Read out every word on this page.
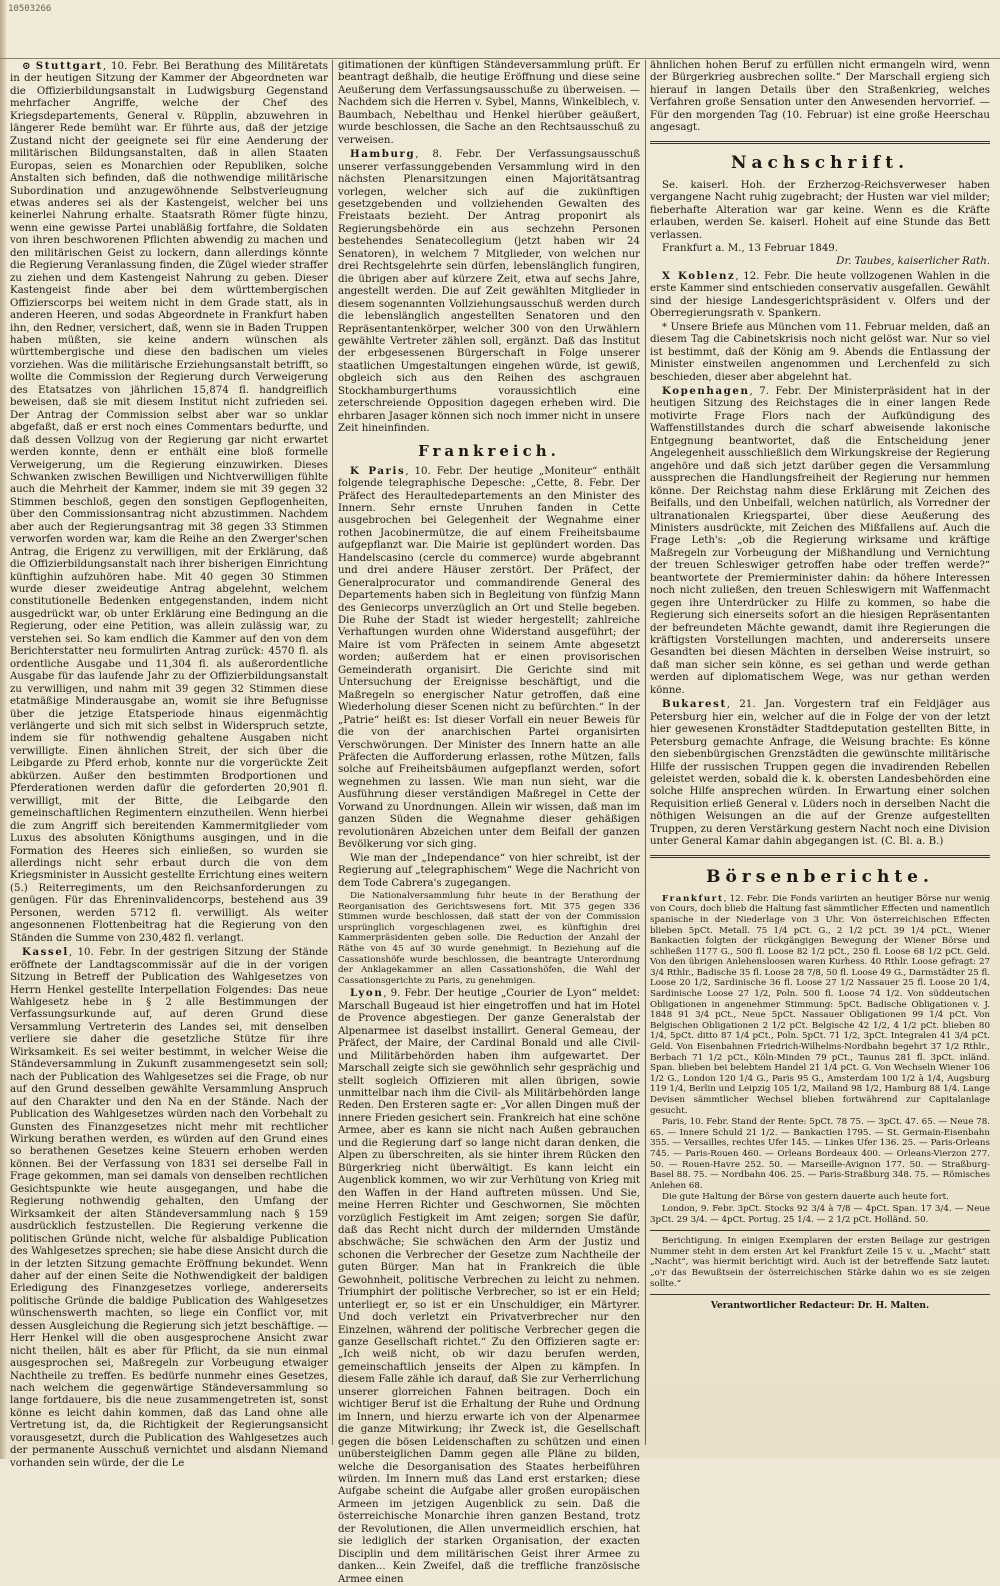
10503266

⊙ Stuttgart, 10. Febr. Bei Berathung des Militäretats in der heutigen Sitzung der Kammer der Abgeordneten war die Offizierbildungsanstalt in Ludwigsburg Gegenstand mehrfacher Angriffe, welche der Chef des Kriegsdepartements, General v. Rüpplin, abzuwehren in längerer Rede bemüht war. Er führte aus, daß der jetzige Zustand nicht der geeignete sei für eine Aenderung der militärischen Bildungsanstalten, daß in allen Staaten Europas, seien es Monarchien oder Republiken, solche Anstalten sich befinden, daß die nothwendige militärische Subordination und anzugewöhnende Selbstverleugnung etwas anderes sei als der Kastengeist, welcher bei uns keinerlei Nahrung erhalte. Staatsrath Römer fügte hinzu, wenn eine gewisse Partei unabläßig fortfahre, die Soldaten von ihren beschworenen Pflichten abwendig zu machen und den militärischen Geist zu lockern, dann allerdings könnte die Regierung Veranlassung finden, die Zügel wieder straffer zu ziehen und dem Kastengeist Nahrung zu geben. Dieser Kastengeist finde aber bei dem württembergischen Offizierscorps bei weitem nicht in dem Grade statt, als in anderen Heeren, und sodas Abgeordnete in Frankfurt haben ihn, den Redner, versichert, daß, wenn sie in Baden Truppen haben müßten, sie keine andern wünschen als württembergische und diese den badischen um vieles vorziehen. Was die militärische Erziehungsanstalt betrifft, so wollte die Commission der Regierung durch Verweigerung des Etatsatzes von jährlichen 15,874 fl. handgreiflich beweisen, daß sie mit diesem Institut nicht zufrieden sei. Der Antrag der Commission selbst aber war so unklar abgefaßt, daß er erst noch eines Commentars bedurfte, und daß dessen Vollzug von der Regierung gar nicht erwartet werden konnte, denn er enthält eine bloß formelle Verweigerung, um die Regierung einzuwirken. Dieses Schwanken zwischen Bewilligen und Nichtverwilligen fühlte auch die Mehrheit der Kammer, indem sie mit 39 gegen 32 Stimmen beschloß, gegen den sonstigen Gepflogenheiten, über den Commissionsantrag nicht abzustimmen. Nachdem aber auch der Regierungsantrag mit 38 gegen 33 Stimmen verworfen worden war, kam die Reihe an den Zwerger'schen Antrag, die Erigenz zu verwilligen, mit der Erklärung, daß die Offizierbildungsanstalt nach ihrer bisherigen Einrichtung künftighin aufzuhören habe. Mit 40 gegen 30 Stimmen wurde dieser zweideutige Antrag abgelehnt, welchem constitutionelle Bedenken entgegenstanden, indem nicht ausgedrückt war, ob unter Erklärung eine Bedingung an die Regierung, oder eine Petition, was allein zulässig war, zu verstehen sei. So kam endlich die Kammer auf den von dem Berichterstatter neu formulirten Antrag zurück: 4570 fl. als ordentliche Ausgabe und 11,304 fl. als außerordentliche Ausgabe für das laufende Jahr zu der Offizierbildungsanstalt zu verwilligen, und nahm mit 39 gegen 32 Stimmen diese etatmäßige Minderausgabe an, womit sie ihre Befugnisse über die jetzige Etatsperiode hinaus eigenmächtig verlängerte und sich mit sich selbst in Widerspruch setzte, indem sie für nothwendig gehaltene Ausgaben nicht verwilligte. Einen ähnlichen Streit, der sich über die Leibgarde zu Pferd erhob, konnte nur die vorgerückte Zeit abkürzen. Außer den bestimmten Brodportionen und Pferderationen werden dafür die geforderten 20,901 fl. verwilligt, mit der Bitte, die Leibgarde den gemeinschaftlichen Regimentern einzutheilen. Wenn hierbei die zum Angriff sich bereitenden Kammermitglieder vom Luxus des absoluten Königthums ausgingen, und in die Formation des Heeres sich einließen, so wurden sie allerdings nicht sehr erbaut durch die von dem Kriegsminister in Aussicht gestellte Errichtung eines weitern (5.) Reiterregiments, um den Reichsanforderungen zu genügen. Für das Ehreninvalidencorps, bestehend aus 39 Personen, werden 5712 fl. verwilligt. Als weiter angesonnenen Flottenbeitrag hat die Regierung von den Ständen die Summe von 230,482 fl. verlangt.

Kassel, 10. Febr. In der gestrigen Sitzung der Stände eröffnete der Landtagscommissär auf die in der vorigen Sitzung in Betreff der Publication des Wahlgesetzes von Herrn Henkel gestellte Interpellation Folgendes: Das neue Wahlgesetz hebe in § 2 alle Bestimmungen der Verfassungsurkunde auf, auf deren Grund diese Versammlung Vertreterin des Landes sei, mit denselben verliere sie daher die gesetzliche Stütze für ihre Wirksamkeit. Es sei weiter bestimmt, in welcher Weise die Ständeversammlung in Zukunft zusammengesetzt sein soll; nach der Publication des Wahlgesetzes sei die Frage, ob nur auf den Grund desselben gewählte Versammlung Anspruch auf den Charakter und den Na en der Stände. Nach der Publication des Wahlgesetzes würden nach den Vorbehalt zu Gunsten des Finanzgesetzes nicht mehr mit rechtlicher Wirkung berathen werden, es würden auf den Grund eines so berathenen Gesetzes keine Steuern erhoben werden können. Bei der Verfassung von 1831 sei derselbe Fall in Frage gekommen, man sei damals von denselben rechtlichen Gesichtspunkte wie heute ausgegangen, und habe die Regierung nothwendig gehalten, den Umfang der Wirksamkeit der alten Ständeversammlung nach § 159 ausdrücklich festzustellen. Die Regierung verkenne die politischen Gründe nicht, welche für alsbaldige Publication des Wahlgesetzes sprechen; sie habe diese Ansicht durch die in der letzten Sitzung gemachte Eröffnung bekundet. Wenn daher auf der einen Seite die Nothwendigkeit der baldigen Erledigung des Finanzgesetzes vorliege, andererseits politische Gründe die baldige Publication des Wahlgesetzes wünschenswerth machten, so liege ein Conflict vor, mit dessen Ausgleichung die Regierung sich jetzt beschäftige. — Herr Henkel will die oben ausgesprochene Ansicht zwar nicht theilen, hält es aber für Pflicht, da sie nun einmal ausgesprochen sei, Maßregeln zur Vorbeugung etwaiger Nachtheile zu treffen. Es bedürfe nunmehr eines Gesetzes, nach welchem die gegenwärtige Ständeversammlung so lange fortdauere, bis die neue zusammengetreten ist, sonst könne es leicht dahin kommen, daß das Land ohne alle Vertretung ist, da, die Richtigkeit der Regierungsansicht vorausgesetzt, durch die Publication des Wahlgesetzes auch der permanente Ausschuß vernichtet und alsdann Niemand vorhanden sein würde, der die Le

gitimationen der künftigen Ständeversammlung prüft. Er beantragt deßhalb, die heutige Eröffnung und diese seine Aeußerung dem Verfassungsausschuße zu überweisen. — Nachdem sich die Herren v. Sybel, Manns, Winkelblech, v. Baumbach, Nebelthau und Henkel hierüber geäußert, wurde beschlossen, die Sache an den Rechtsausschuß zu verweisen.

Hamburg, 8. Febr. Der Verfassungsausschuß unserer verfassunggebenden Versammlung wird in den nächsten Plenarsitzungen einen Majoritätsantrag vorlegen, welcher sich auf die zukünftigen gesetzgebenden und vollziehenden Gewalten des Freistaats bezieht. Der Antrag proponirt als Regierungsbehörde ein aus sechzehn Personen bestehendes Senatecollegium (jetzt haben wir 24 Senatoren), in welchem 7 Mitglieder, von welchen nur drei Rechtsgelehrte sein dürfen, lebenslänglich fungiren, die übrigen aber auf kürzere Zeit, etwa auf sechs Jahre, angestellt werden. Die auf Zeit gewählten Mitglieder in diesem sogenannten Vollziehungsausschuß werden durch die lebenslänglich angestellten Senatoren und den Repräsentantenkörper, welcher 300 von den Urwählern gewählte Vertreter zählen soll, ergänzt. Daß das Institut der erbgesessenen Bürgerschaft in Folge unserer staatlichen Umgestaltungen eingehen würde, ist gewiß, obgleich sich aus den Reihen des aschgrauen Stockhamburgerthums voraussichtlich eine zeterschreiende Opposition dagegen erheben wird. Die ehrbaren Jasager können sich noch immer nicht in unsere Zeit hineinfinden.

Frankreich.

K Paris, 10. Febr. Der heutige „Moniteur“ enthält folgende telegraphische Depesche: „Cette, 8. Febr. Der Präfect des Heraultedepartements an den Minister des Innern. Sehr ernste Unruhen fanden in Cette ausgebrochen bei Gelegenheit der Wegnahme einer rothen Jacobinermütze, die auf einem Freiheitsbaume aufgepflanzt war. Die Mairie ist geplündert worden. Das Handelscasino (cercle du commerce) wurde abgebrannt und drei andere Häuser zerstört. Der Präfect, der Generalprocurator und commandirende General des Departements haben sich in Begleitung von fünfzig Mann des Geniecorps unverzüglich an Ort und Stelle begeben. Die Ruhe der Stadt ist wieder hergestellt; zahlreiche Verhaftungen wurden ohne Widerstand ausgeführt; der Maire ist vom Präfecten in seinem Amte abgesetzt worden; außerdem hat er einen provisorischen Gemeinderath organisirt. Die Gerichte sind mit Untersuchung der Ereignisse beschäftigt, und die Maßregeln so energischer Natur getroffen, daß eine Wiederholung dieser Scenen nicht zu befürchten.“ In der „Patrie“ heißt es: Ist dieser Vorfall ein neuer Beweis für die von der anarchischen Partei organisirten Verschwörungen. Der Minister des Innern hatte an alle Präfecten die Aufforderung erlassen, rothe Mützen, falls solche auf Freiheitsbäumen aufgepflanzt werden, sofort wegnehmen zu lassen. Wie man nun sieht, war die Ausführung dieser verständigen Maßregel in Cette der Vorwand zu Unordnungen. Allein wir wissen, daß man im ganzen Süden die Wegnahme dieser gehäßigen revolutionären Abzeichen unter dem Beifall der ganzen Bevölkerung vor sich ging.

Wie man der „Independance“ von hier schreibt, ist der Regierung auf „telegraphischem“ Wege die Nachricht von dem Tode Cabrera's zugegangen.

Die Nationalversammlung fuhr heute in der Berathung der Reorganisation des Gerichtswesens fort. Mit 375 gegen 336 Stimmen wurde beschlossen, daß statt der von der Commission ursprünglich vorgeschlagenen zwei, es künftighin drei Kammerpräsidenten geben solle. Die Reduction der Anzahl der Räthe von 45 auf 30 wurde genehmigt. In Beziehung auf die Cassationshöfe wurde beschlossen, die beantragte Unterordnung der Anklagekammer an allen Cassationshöfen, die Wahl der Cassationsgerichte zu Paris, zu genehmigen.

Lyon, 9. Febr. Der heutige „Courier de Lyon“ meldet: Marschall Bugeaud ist hier eingetroffen und hat im Hotel de Provence abgestiegen. Der ganze Generalstab der Alpenarmee ist daselbst installirt. General Gemeau, der Präfect, der Maire, der Cardinal Bonald und alle Civil- und Militärbehörden haben ihm aufgewartet. Der Marschall zeigte sich sie gewöhnlich sehr gesprächig und stellt sogleich Offizieren mit allen übrigen, sowie unmittelbar nach ihm die Civil- als Militärbehörden lange Reden. Den Ersteren sagte er: „Vor allen Dingen muß der innere Frieden gesichert sein. Frankreich hat eine schöne Armee, aber es kann sie nicht nach Außen gebrauchen und die Regierung darf so lange nicht daran denken, die Alpen zu überschreiten, als sie hinter ihrem Rücken den Bürgerkrieg nicht überwältigt. Es kann leicht ein Augenblick kommen, wo wir zur Verhütung von Krieg mit den Waffen in der Hand auftreten müssen. Und Sie, meine Herren Richter und Geschwornen, Sie möchten vorzüglich Festigkeit im Amt zeigen; sorgen Sie dafür, daß das Recht nicht durch der mildernden Umstände abschwäche; Sie schwächen den Arm der Justiz und schonen die Verbrecher der Gesetze zum Nachtheile der guten Bürger. Man hat in Frankreich die üble Gewohnheit, politische Verbrechen zu leicht zu nehmen. Triumphirt der politische Verbrecher, so ist er ein Held; unterliegt er, so ist er ein Unschuldiger, ein Märtyrer. Und doch verletzt ein Privatverbrecher nur den Einzelnen, während der politische Verbrecher gegen die ganze Gesellschaft richtet.“ Zu den Offizieren sagte er: „Ich weiß nicht, ob wir dazu berufen werden, gemeinschaftlich jenseits der Alpen zu kämpfen. In diesem Falle zähle ich darauf, daß Sie zur Verherrlichung unserer glorreichen Fahnen beitragen. Doch ein wichtiger Beruf ist die Erhaltung der Ruhe und Ordnung im Innern, und hierzu erwarte ich von der Alpenarmee die ganze Mitwirkung; ihr Zweck ist, die Gesellschaft gegen die bösen Leidenschaften zu schützen und einen unübersteiglichen Damm gegen alle Pläne zu bilden, welche die Desorganisation des Staates herbeiführen würden. Im Innern muß das Land erst erstarken; diese Aufgabe scheint die Aufgabe aller großen europäischen Armeen im jetzigen Augenblick zu sein. Daß die österreichische Monarchie ihren ganzen Bestand, trotz der Revolutionen, die Allen unvermeidlich erschien, hat sie lediglich der starken Organisation, der exacten Disciplin und dem militärischen Geist ihrer Armee zu danken... Kein Zweifel, daß die treffliche französische Armee einen

ähnlichen hohen Beruf zu erfüllen nicht ermangeln wird, wenn der Bürgerkrieg ausbrechen sollte.“ Der Marschall ergieng sich hierauf in langen Details über den Straßenkrieg, welches Verfahren große Sensation unter den Anwesenden hervorrief. — Für den morgenden Tag (10. Februar) ist eine große Heerschau angesagt.

Nachschrift.

Se. kaiserl. Hoh. der Erzherzog-Reichsverweser haben vergangene Nacht ruhig zugebracht; der Husten war viel milder; fieberhafte Alteration war gar keine. Wenn es die Kräfte erlauben, werden Se. kaiserl. Hoheit auf eine Stunde das Bett verlassen.

Frankfurt a. M., 13 Februar 1849.

Dr. Taubes, kaiserlicher Rath.

X Koblenz, 12. Febr. Die heute vollzogenen Wahlen in die erste Kammer sind entschieden conservativ ausgefallen. Gewählt sind der hiesige Landesgerichtspräsident v. Olfers und der Oberregierungsrath v. Spankern.

* Unsere Briefe aus München vom 11. Februar melden, daß an diesem Tag die Cabinetskrisis noch nicht gelöst war. Nur so viel ist bestimmt, daß der König am 9. Abends die Entlassung der Minister einstweilen angenommen und Lerchenfeld zu sich beschieden, dieser aber abgelehnt hat.

Kopenhagen, 7. Febr. Der Ministerpräsident hat in der heutigen Sitzung des Reichstages die in einer langen Rede motivirte Frage Flors nach der Aufkündigung des Waffenstillstandes durch die scharf abweisende lakonische Entgegnung beantwortet, daß die Entscheidung jener Angelegenheit ausschließlich dem Wirkungskreise der Regierung angehöre und daß sich jetzt darüber gegen die Versammlung aussprechen die Handlungsfreiheit der Regierung nur hemmen könne. Der Reichstag nahm diese Erklärung mit Zeichen des Beifalls, und den Unbeifall, welchen natürlich, als Vorredner der ultranationalen Kriegspartei, über diese Aeußerung des Ministers ausdrückte, mit Zeichen des Mißfallens auf. Auch die Frage Leth's: „ob die Regierung wirksame und kräftige Maßregeln zur Vorbeugung der Mißhandlung und Vernichtung der treuen Schleswiger getroffen habe oder treffen werde?“ beantwortete der Premierminister dahin: da höhere Interessen noch nicht zuließen, den treuen Schleswigern mit Waffenmacht gegen ihre Unterdrücker zu Hilfe zu kommen, so habe die Regierung sich einerseits sofort an die hiesigen Repräsentanten der befreundeten Mächte gewandt, damit ihre Regierungen die kräftigsten Vorstellungen machten, und andererseits unsere Gesandten bei diesen Mächten in derselben Weise instruirt, so daß man sicher sein könne, es sei gethan und werde gethan werden auf diplomatischem Wege, was nur gethan werden könne.

Bukarest, 21. Jan. Vorgestern traf ein Feldjäger aus Petersburg hier ein, welcher auf die in Folge der von der letzt hier gewesenen Kronstädter Stadtdeputation gestellten Bitte, in Petersburg gemachte Anfrage, die Weisung brachte: Es könne den siebenbürgischen Grenzstädten die gewünschte militärische Hilfe der russischen Truppen gegen die invadirenden Rebellen geleistet werden, sobald die k. k. obersten Landesbehörden eine solche Hilfe ansprechen würden. In Erwartung einer solchen Requisition erließ General v. Lüders noch in derselben Nacht die nöthigen Weisungen an die auf der Grenze aufgestellten Truppen, zu deren Verstärkung gestern Nacht noch eine Division unter General Kamar dahin abgegangen ist. (C. Bl. a. B.)

Börsenberichte.

Frankfurt, 12. Febr. Die Fonds variirten an heutiger Börse nur wenig von Cours, doch blieb die Haltung fast sämmtlicher Effecten und namentlich spanische in der Niederlage von 3 Uhr. Von österreichischen Effecten blieben 5pCt. Metall. 75 1/4 pCt. G., 2 1/2 pCt. 39 1/4 pCt., Wiener Bankactien folgten der rückgängigen Bewegung der Wiener Börse und schließen 1177 G., 500 fl. Loose 82 1/2 pCt., 250 fl. Loose 68 1/2 pCt. Geld. Von den übrigen Anlehensloosen waren Kurhess. 40 Rthlr. Loose gefragt: 27 3/4 Rthlr., Badische 35 fl. Loose 28 7/8, 50 fl. Loose 49 G., Darmstädter 25 fl. Loose 20 1/2, Sardinische 36 fl. Loose 27 1/2 Nassauer 25 fl. Loose 20 1/4, Sardinische Loose 27 1/2, Poln. 500 fl. Loose 74 1/2. Von süddeutschen Obligationen in angenehmer Stimmung: 5pCt. Badische Obligationen v. J. 1848 91 3/4 pCt., Neue 5pCt. Nassauer Obligationen 99 1/4 pCt. Von Belgischen Obligationen 2 1/2 pCt. Belgische 42 1/2, 4 1/2 pCt. blieben 80 1/4, 5pCt. ditto 87 1/4 pCt., Poln. 5pCt. 71 1/2, 3pCt. Integralen 41 3/4 pCt. Geld. Von Eisenbahnen Friedrich-Wilhelms-Nordbahn begehrt 37 1/2 Rthlr., Berbach 71 1/2 pCt., Köln-Minden 79 pCt., Taunus 281 fl. 3pCt. inländ. Span. blieben bei belebtem Handel 21 1/4 pCt. G. Von Wechseln Wiener 106 1/2 G., London 120 1/4 G., Paris 95 G., Amsterdam 100 1/2 à 1/4, Augsburg 119 1/4, Berlin und Leipzig 105 1/2, Mailand 98 1/2, Hamburg 88 1/4. Lange Devisen sämmtlicher Wechsel blieben fortwährend zur Capitalanlage gesucht.

Paris, 10. Febr. Stand der Rente: 5pCt. 78 75. — 3pCt. 47. 65. — Neue 78. 65. — Innere Schuld 21 1/2. — Bankactien 1795. — St. Germain-Eisenbahn 355. — Versailles, rechtes Ufer 145. — Linkes Ufer 136. 25. — Paris-Orleans 745. — Paris-Rouen 460. — Orleans Bordeaux 400. — Orleans-Vierzon 277. 50. — Rouen-Havre 252. 50. — Marseille-Avignon 177. 50. — Straßburg-Basel 88. 75. — Nordbahn 406. 25. — Paris-Straßburg 348. 75. — Römisches Anlehen 68.

Die gute Haltung der Börse von gestern dauerte auch heute fort.

London, 9. Febr. 3pCt. Stocks 92 3/4 à 7/8 — 4pCt. Span. 17 3/4. — Neue 3pCt. 29 3/4. — 4pCt. Portug. 25 1/4. — 2 1/2 pCt. Holländ. 50.

Berichtigung. In einigen Exemplaren der ersten Beilage zur gestrigen Nummer steht in dem ersten Art kel Frankfurt Zeile 15 v. u. „Macht“ statt „Nacht“, was hiermit berichtigt wird. Auch ist der betreffende Satz lautet: „o'r das Bewußtsein der österreichischen Stärke dahin wo es sie zeigen sollte.“

Verantwortlicher Redacteur: Dr. H. Malten.
